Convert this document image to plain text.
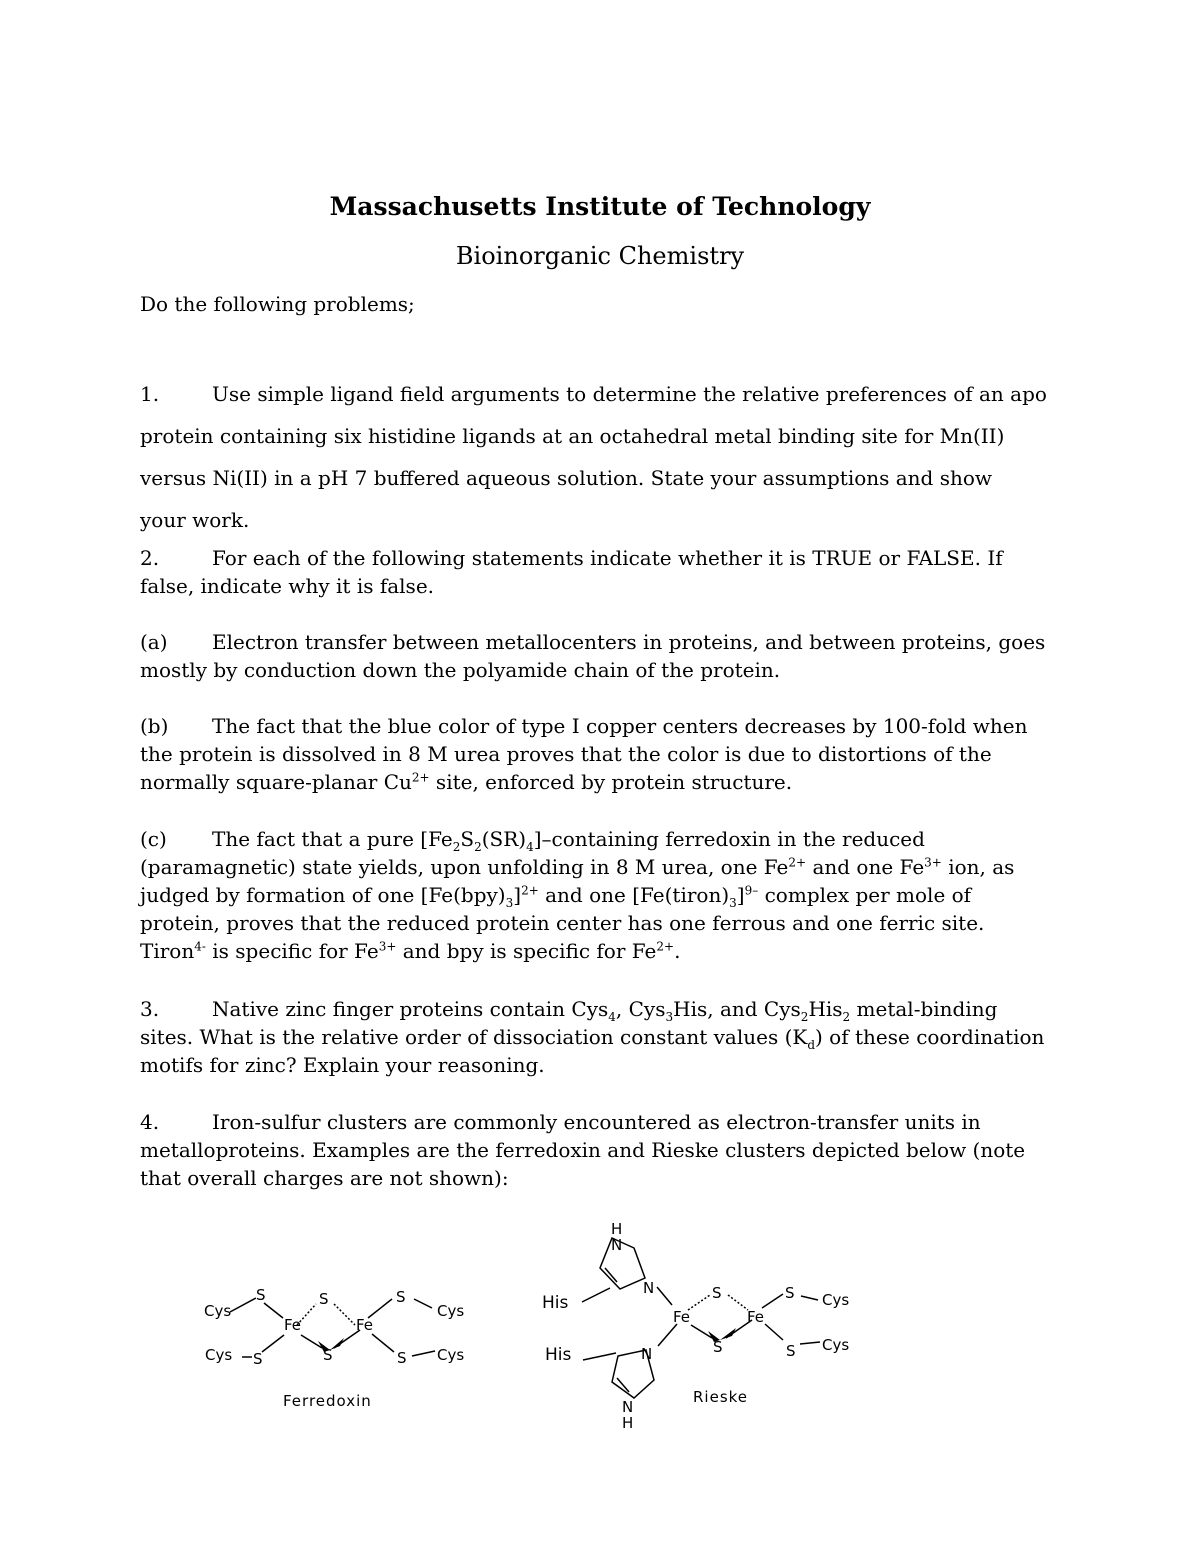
Massachusetts Institute of Technology
Bioinorganic Chemistry
Do the following problems;
1.	Use simple ligand field arguments to determine the relative preferences of an apo
protein containing six histidine ligands at an octahedral metal binding site for Mn(II)
versus Ni(II) in a pH 7 buffered aqueous solution. State your assumptions and show
your work.
2.	For each of the following statements indicate whether it is TRUE or FALSE. If
false, indicate why it is false.
(a) Electron transfer between metallocenters in proteins, and between proteins, goes
mostly by conduction down the polyamide chain of the protein.
(b) The fact that the blue color of type I copper centers decreases by 100-fold when
the protein is dissolved in 8 M urea proves that the color is due to distortions of the
normally square-planar $Cu^{2+}$ site, enforced by protein structure.
(c) The fact that a pure $[Fe_2S_2(SR)_4]$–containing ferredoxin in the reduced
(paramagnetic) state yields, upon unfolding in 8 M urea, one $Fe^{2+}$ and one $Fe^{3+}$ ion, as
judged by formation of one $[Fe(bpy)_3]^{2+}$ and one $[Fe(tiron)_3]^{9-}$ complex per mole of
protein, proves that the reduced protein center has one ferrous and one ferric site.
Tiron$^{4-}$ is specific for $Fe^{3+}$ and bpy is specific for $Fe^{2+}$.
3.	Native zinc finger proteins contain Cys$_4$, Cys$_3$His, and Cys$_2$His$_2$ metal-binding
sites. What is the relative order of dissociation constant values $(K_d)$ of these coordination
motifs for zinc? Explain your reasoning.
4.	Iron-sulfur clusters are commonly encountered as electron-transfer units in
metalloproteins. Examples are the ferredoxin and Rieske clusters depicted below (note
that overall charges are not shown):
Cys
Cys
S
S
Fe
S
S
Fe
S
S
Cys
Cys
Ferredoxin
H
N
N
His
His	N
N
H
Fe
S
S
Fe
S
S
Cys
Cys
Rieske
